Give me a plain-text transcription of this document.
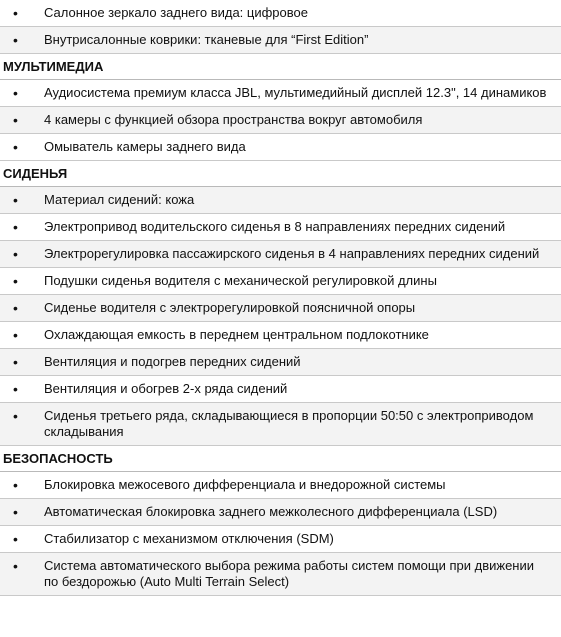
•	Салонное зеркало заднего вида: цифровое
•	Внутрисалонные коврики: тканевые для “First Edition”
МУЛЬТИМЕДИА
•	Аудиосистема премиум класса JBL, мультимедийный дисплей 12.3", 14 динамиков
•	4 камеры с функцией обзора пространства вокруг автомобиля
•	Омыватель камеры заднего вида
СИДЕНЬЯ
•	Материал сидений: кожа
•	Электропривод водительского сиденья в 8 направлениях передних сидений
•	Электрорегулировка пассажирского сиденья в 4 направлениях передних сидений
•	Подушки сиденья водителя с механической регулировкой длины
•	Сиденье водителя с электрорегулировкой поясничной опоры
•	Охлаждающая емкость в переднем центральном подлокотнике
•	Вентиляция и подогрев передних сидений
•	Вентиляция и обогрев 2-х ряда сидений
•	Сиденья третьего ряда, складывающиеся в пропорции 50:50 с электроприводом складывания
БЕЗОПАСНОСТЬ
•	Блокировка межосевого дифференциала и внедорожной системы
•	Автоматическая блокировка заднего межколесного дифференциала (LSD)
•	Стабилизатор с механизмом отключения (SDM)
•	Система автоматического выбора режима работы систем помощи при движении по бездорожью (Auto Multi Terrain Select)
